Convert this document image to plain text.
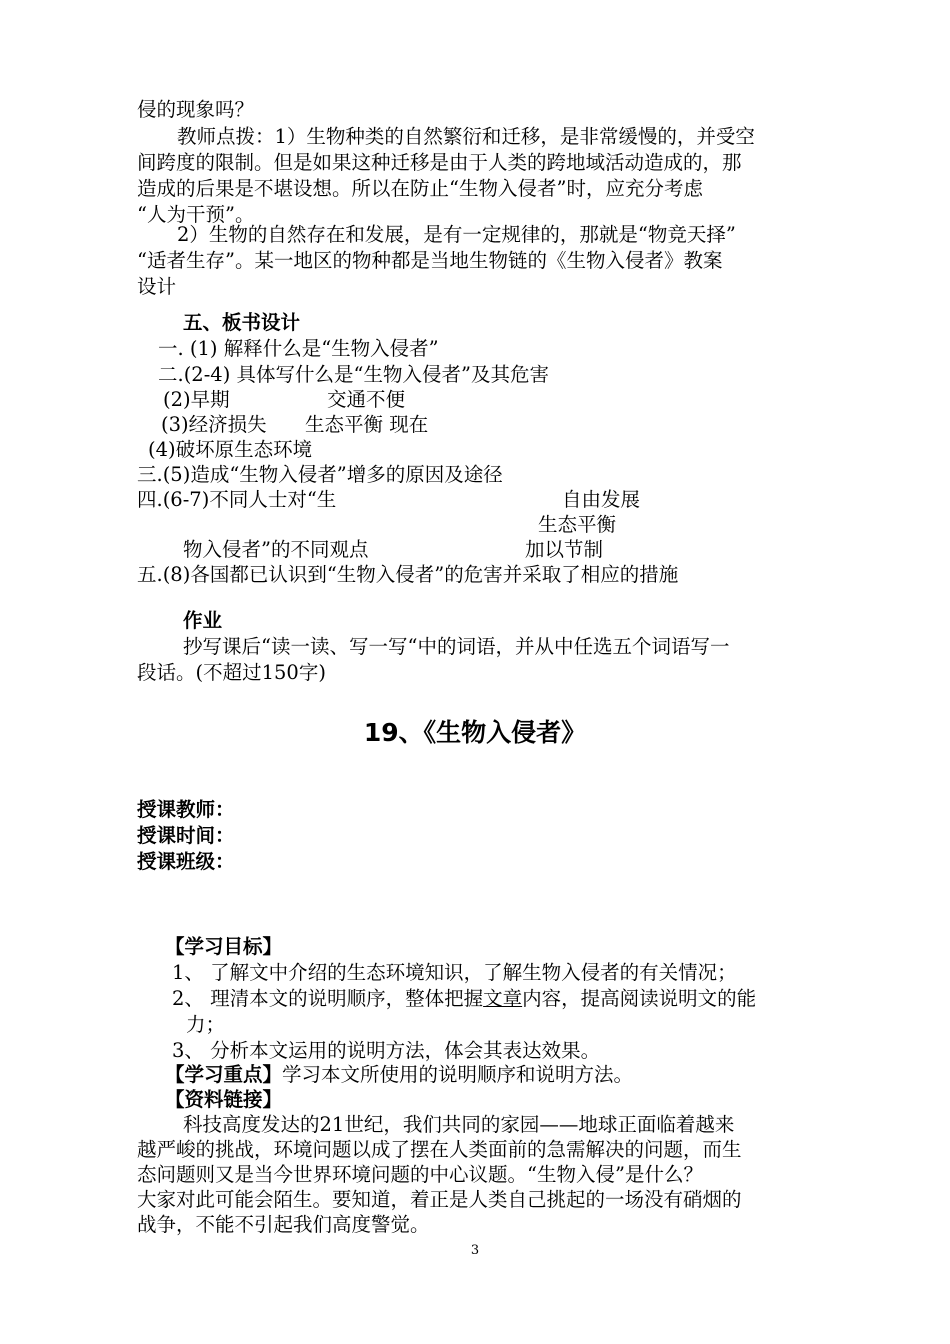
侵的现象吗？
教师点拨：1）生物种类的自然繁衍和迁移，是非常缓慢的，并受空
间跨度的限制。但是如果这种迁移是由于人类的跨地域活动造成的，那
造成的后果是不堪设想。所以在防止“生物入侵者”时，应充分考虑
“人为干预”。
2）生物的自然存在和发展，是有一定规律的，那就是“物竞天择”
“适者生存”。某一地区的物种都是当地生物链的《生物入侵者》教案
设计
五、板书设计
一. (1) 解释什么是“生物入侵者”
二.(2-4) 具体写什么是“生物入侵者”及其危害
(2)早期	交通不便
(3)经济损失 生态平衡 现在
(4)破坏原生态环境
三.(5)造成“生物入侵者”增多的原因及途径
四.(6-7)不同人士对“生	自由发展
生态平衡
物入侵者”的不同观点	加以节制
五.(8)各国都已认识到“生物入侵者”的危害并采取了相应的措施
作业
抄写课后“读一读、写一写“中的词语，并从中任选五个词语写一
段话。(不超过150字)
19、《生物入侵者》
授课教师：
授课时间：
授课班级：
【学习目标】
1、 了解文中介绍的生态环境知识，了解生物入侵者的有关情况；
2、 理清本文的说明顺序，整体把握文章内容，提高阅读说明文的能
力；
3、 分析本文运用的说明方法，体会其表达效果。
【学习重点】学习本文所使用的说明顺序和说明方法。
【资料链接】
科技高度发达的21世纪，我们共同的家园——地球正面临着越来
越严峻的挑战，环境问题以成了摆在人类面前的急需解决的问题，而生
态问题则又是当今世界环境问题的中心议题。“生物入侵”是什么？
大家对此可能会陌生。要知道，着正是人类自己挑起的一场没有硝烟的
战争，不能不引起我们高度警觉。
3
